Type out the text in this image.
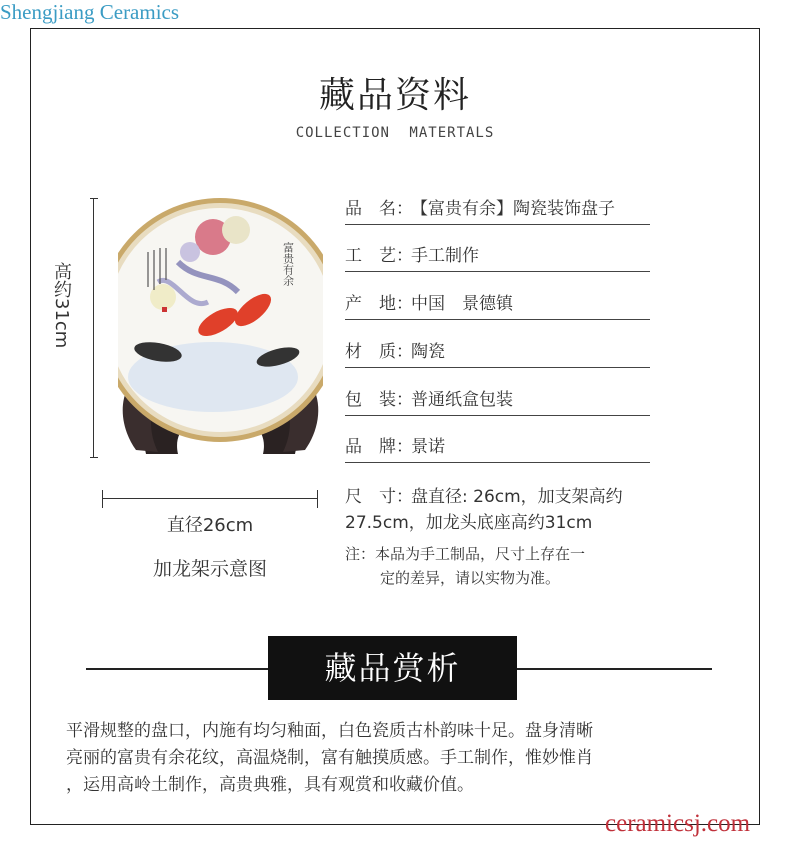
Shengjiang Ceramics
藏品资料
COLLECTION MATERTALS
富贵有余
高约31cm
直径26cm
加龙架示意图
品　名：【富贵有余】陶瓷装饰盘子
工　艺：手工制作
产　地：中国　景德镇
材　质：陶瓷
包　装：普通纸盒包装
品　牌：景诺
尺　寸：盘直径: 26cm，加支架高约
27.5cm，加龙头底座高约31cm
注：本品为手工制品，尺寸上存在一
定的差异，请以实物为准。
藏品赏析
平滑规整的盘口，内施有均匀釉面，白色瓷质古朴韵味十足。盘身清晰
亮丽的富贵有余花纹，高温烧制，富有触摸质感。手工制作，惟妙惟肖
，运用高岭土制作，高贵典雅，具有观赏和收藏价值。
ceramicsj.com
